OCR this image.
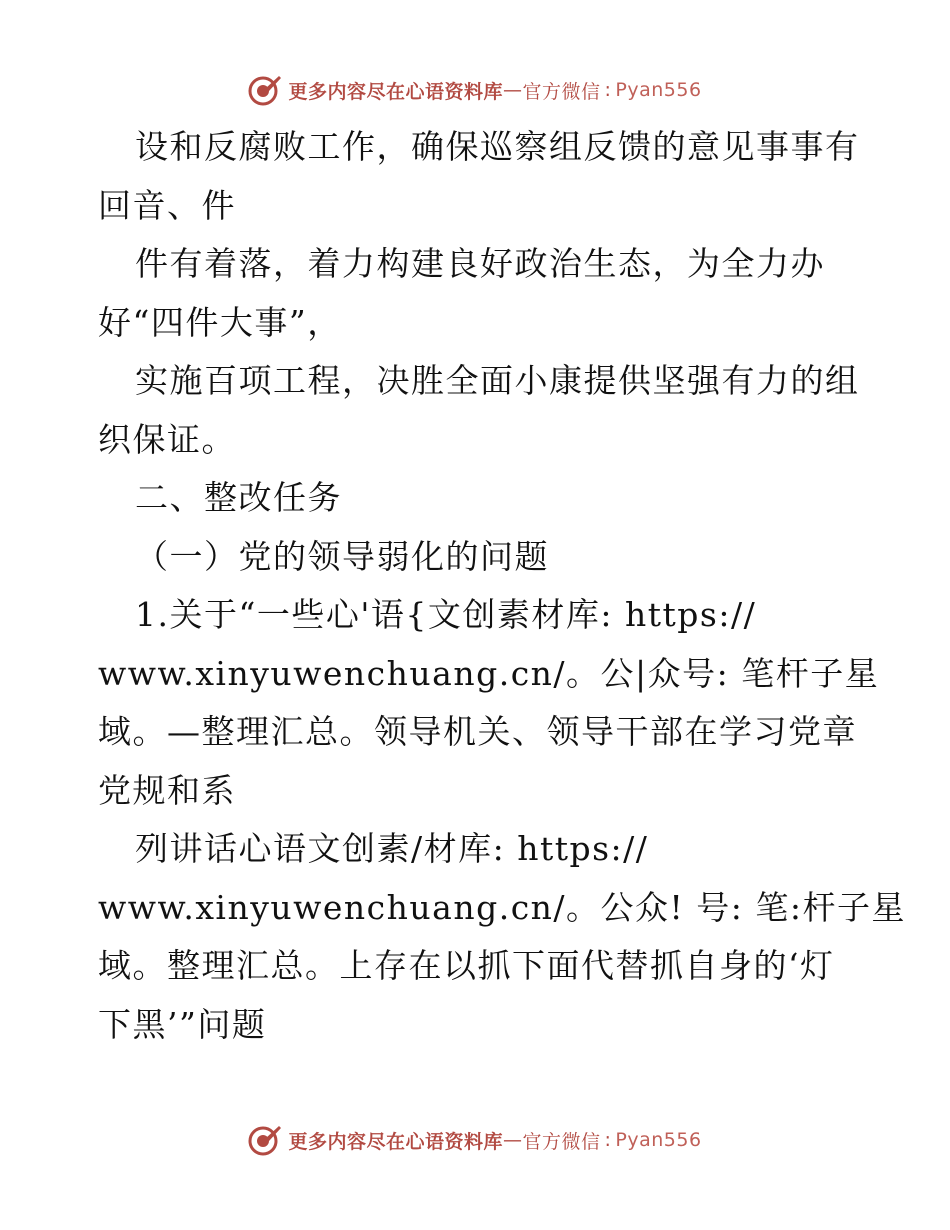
更多内容尽在心语资料库 — 官方微信 : Pyan556
设和反腐败工作，确保巡察组反馈的意见事事有
回音、件
件有着落，着力构建良好政治生态，为全力办
好“四件大事”，
实施百项工程，决胜全面小康提供坚强有力的组
织保证。
二、整改任务
（一）党的领导弱化的问题
1.关于“一些心'语{文创素材库: https://
www.xinyuwenchuang.cn/。公|众号: 笔杆子星
域。—整理汇总。领导机关、领导干部在学习党章
党规和系
列讲话心语文创素/材库: https://
www.xinyuwenchuang.cn/。公众! 号: 笔:杆子星
域。整理汇总。上存在以抓下面代替抓自身的‘灯
下黑’”问题
更多内容尽在心语资料库 — 官方微信 : Pyan556
